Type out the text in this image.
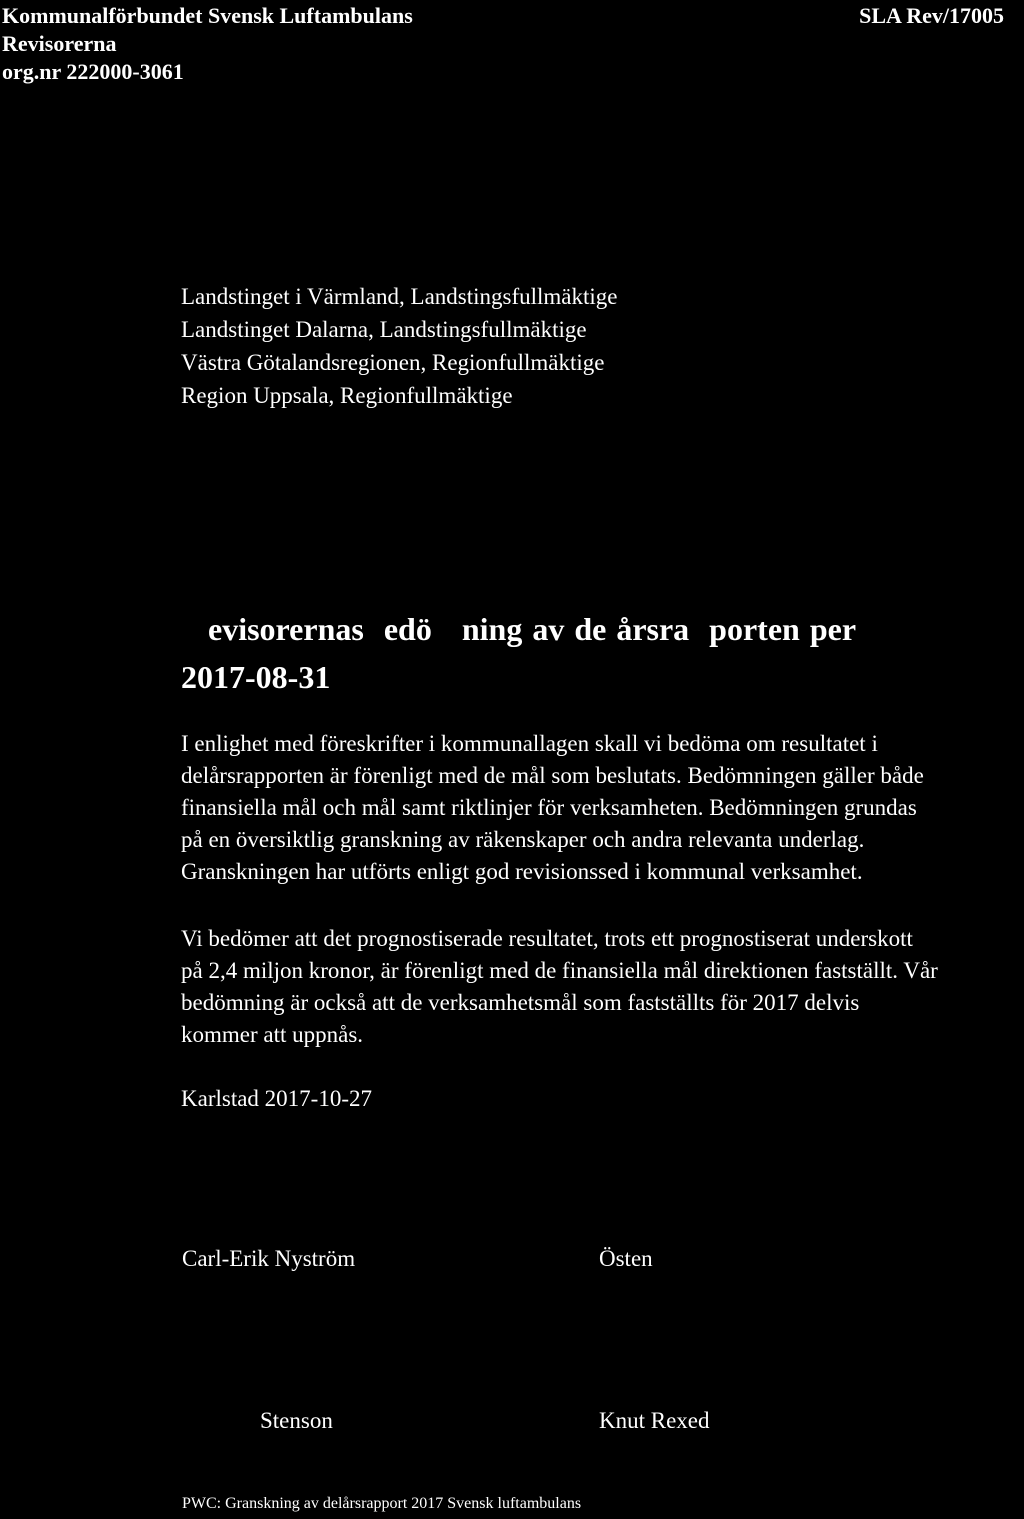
Kommunalförbundet Svensk Luftambulans
Revisorerna
org.nr 222000-3061
SLA Rev/17005
Landstinget i Värmland, Landstingsfullmäktige
Landstinget Dalarna, Landstingsfullmäktige
Västra Götalandsregionen, Regionfullmäktige
Region Uppsala, Regionfullmäktige
evisorernas  edö   ning av de årsra  porten per
2017-08-31
I enlighet med föreskrifter i kommunallagen skall vi bedöma om resultatet i
delårsrapporten är förenligt med de mål som beslutats. Bedömningen gäller både
finansiella mål och mål samt riktlinjer för verksamheten. Bedömningen grundas
på en översiktlig granskning av räkenskaper och andra relevanta underlag.
Granskningen har utförts enligt god revisionssed i kommunal verksamhet.
Vi bedömer att det prognostiserade resultatet, trots ett prognostiserat underskott
på 2,4 miljon kronor, är förenligt med de finansiella mål direktionen fastställt. Vår
bedömning är också att de verksamhetsmål som fastställts för 2017 delvis
kommer att uppnås.
Karlstad 2017-10-27
Carl-Erik Nyström	Östen
Stenson	Knut Rexed
PWC: Granskning av delårsrapport 2017 Svensk luftambulans
